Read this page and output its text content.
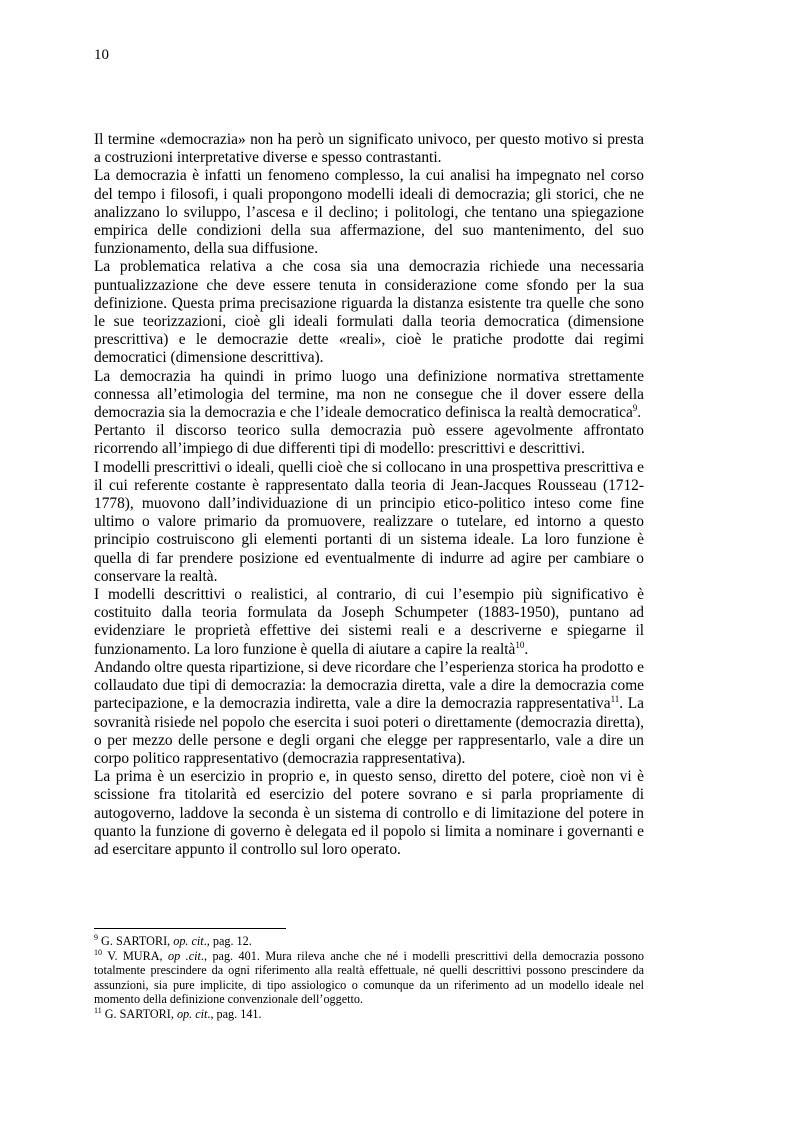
10

Il termine «democrazia» non ha però un significato univoco, per questo motivo si presta a costruzioni interpretative diverse e spesso contrastanti.

La democrazia è infatti un fenomeno complesso, la cui analisi ha impegnato nel corso del tempo i filosofi, i quali propongono modelli ideali di democrazia; gli storici, che ne analizzano lo sviluppo, l’ascesa e il declino; i politologi, che tentano una spiegazione empirica delle condizioni della sua affermazione, del suo mantenimento, del suo funzionamento, della sua diffusione.

La problematica relativa a che cosa sia una democrazia richiede una necessaria puntualizzazione che deve essere tenuta in considerazione come sfondo per la sua definizione. Questa prima precisazione riguarda la distanza esistente tra quelle che sono le sue teorizzazioni, cioè gli ideali formulati dalla teoria democratica (dimensione prescrittiva) e le democrazie dette «reali», cioè le pratiche prodotte dai regimi democratici (dimensione descrittiva).

La democrazia ha quindi in primo luogo una definizione normativa strettamente connessa all’etimologia del termine, ma non ne consegue che il dover essere della democrazia sia la democrazia e che l’ideale democratico definisca la realtà democratica$^9$.

Pertanto il discorso teorico sulla democrazia può essere agevolmente affrontato ricorrendo all’impiego di due differenti tipi di modello: prescrittivi e descrittivi.

I modelli prescrittivi o ideali, quelli cioè che si collocano in una prospettiva prescrittiva e il cui referente costante è rappresentato dalla teoria di Jean-Jacques Rousseau (1712-1778), muovono dall’individuazione di un principio etico-politico inteso come fine ultimo o valore primario da promuovere, realizzare o tutelare, ed intorno a questo principio costruiscono gli elementi portanti di un sistema ideale. La loro funzione è quella di far prendere posizione ed eventualmente di indurre ad agire per cambiare o conservare la realtà.

I modelli descrittivi o realistici, al contrario, di cui l’esempio più significativo è costituito dalla teoria formulata da Joseph Schumpeter (1883-1950), puntano ad evidenziare le proprietà effettive dei sistemi reali e a descriverne e spiegarne il funzionamento. La loro funzione è quella di aiutare a capire la realtà$^{10}$.

Andando oltre questa ripartizione, si deve ricordare che l’esperienza storica ha prodotto e collaudato due tipi di democrazia: la democrazia diretta, vale a dire la democrazia come partecipazione, e la democrazia indiretta, vale a dire la democrazia rappresentativa$^{11}$. La sovranità risiede nel popolo che esercita i suoi poteri o direttamente (democrazia diretta), o per mezzo delle persone e degli organi che elegge per rappresentarlo, vale a dire un corpo politico rappresentativo (democrazia rappresentativa).

La prima è un esercizio in proprio e, in questo senso, diretto del potere, cioè non vi è scissione fra titolarità ed esercizio del potere sovrano e si parla propriamente di autogoverno, laddove la seconda è un sistema di controllo e di limitazione del potere in quanto la funzione di governo è delegata ed il popolo si limita a nominare i governanti e ad esercitare appunto il controllo sul loro operato.

$^9$ G. SARTORI, op. cit., pag. 12.

$^{10}$ V. MURA, op .cit., pag. 401. Mura rileva anche che né i modelli prescrittivi della democrazia possono totalmente prescindere da ogni riferimento alla realtà effettuale, né quelli descrittivi possono prescindere da assunzioni, sia pure implicite, di tipo assiologico o comunque da un riferimento ad un modello ideale nel momento della definizione convenzionale dell’oggetto.

$^{11}$ G. SARTORI, op. cit., pag. 141.
